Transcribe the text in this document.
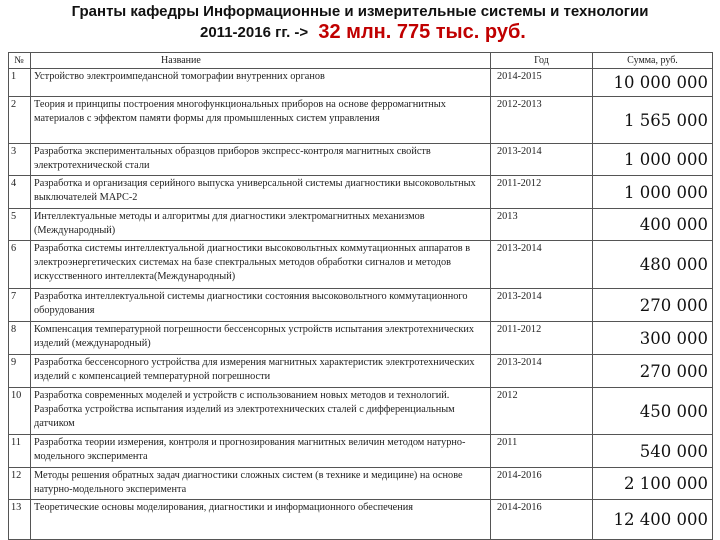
Гранты кафедры Информационные и измерительные системы и технологии
2011-2016 гг. -> 32 млн. 775 тыс. руб.
№	Название	Год	Сумма, руб.
1	Устройство электроимпедансной томографии внутренних органов	2014-2015	10 000 000
2	Теория и принципы построения многофункциональных приборов на основе ферромагнитных материалов с эффектом памяти формы для промышленных систем управления	2012-2013	1 565 000
3	Разработка экспериментальных образцов приборов экспресс-контроля магнитных свойств электротехнической стали	2013-2014	1 000 000
4	Разработка и организация серийного выпуска универсальной системы диагностики высоковольтных выключателей МАРС-2	2011-2012	1 000 000
5	Интеллектуальные методы и алгоритмы для диагностики электромагнитных механизмов (Международный)	2013	400 000
6	Разработка системы интеллектуальной диагностики высоковольтных коммутационных аппаратов в электроэнергетических системах на базе спектральных методов обработки сигналов и методов искусственного интеллекта(Международный)	2013-2014	480 000
7	Разработка интеллектуальной системы диагностики состояния высоковольтного коммутационного оборудования	2013-2014	270 000
8	Компенсация температурной погрешности бессенсорных устройств испытания электротехнических изделий (международный)	2011-2012	300 000
9	Разработка бессенсорного устройства для измерения магнитных характеристик электротехнических изделий с компенсацией температурной погрешности	2013-2014	270 000
10	Разработка современных моделей и устройств с использованием новых методов и технологий. Разработка устройства испытания изделий из электротехнических сталей с дифференциальным датчиком	2012	450 000
11	Разработка теории измерения, контроля и прогнозирования магнитных величин методом натурно-модельного эксперимента	2011	540 000
12	Методы решения обратных задач диагностики сложных систем (в технике и медицине) на основе натурно-модельного эксперимента	2014-2016	2 100 000
13	Теоретические основы моделирования, диагностики и информационного обеспечения	2014-2016	12 400 000
